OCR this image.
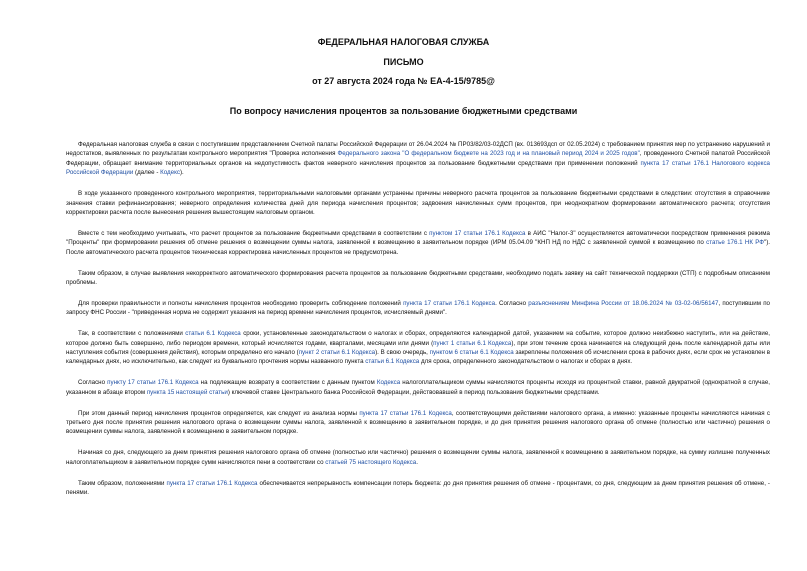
ФЕДЕРАЛЬНАЯ НАЛОГОВАЯ СЛУЖБА
ПИСЬМО
от 27 августа 2024 года № ЕА-4-15/9785@
По вопросу начисления процентов за пользование бюджетными средствами

Федеральная налоговая служба в связи с поступившим представлением Счетной палаты Российской Федерации от 26.04.2024 № ПР03/82/03-02ДСП (вх. 013693дсп от 02.05.2024) с требованием принятия мер по устранению нарушений и недостатков, выявленных по результатам контрольного мероприятия "Проверка исполнения Федерального закона "О федеральном бюджете на 2023 год и на плановый период 2024 и 2025 годов", проведенного Счетной палатой Российской Федерации, обращает внимание территориальных органов на недопустимость фактов неверного начисления процентов за пользование бюджетными средствами при применении положений пункта 17 статьи 176.1 Налогового кодекса Российской Федерации (далее - Кодекс).

В ходе указанного проведенного контрольного мероприятия, территориальными налоговыми органами устранены причины неверного расчета процентов за пользование бюджетными средствами в следствии: отсутствия в справочнике значения ставки рефинансирования; неверного определения количества дней для периода начисления процентов; задвоения начисленных сумм процентов, при неоднократном формировании автоматического расчета; отсутствия корректировки расчета после вынесения решения вышестоящим налоговым органом.

Вместе с тем необходимо учитывать, что расчет процентов за пользование бюджетными средствами в соответствии с пунктом 17 статьи 176.1 Кодекса в АИС "Налог-3" осуществляется автоматически посредством применения режима "Проценты" при формировании решения об отмене решения о возмещении суммы налога, заявленной к возмещению в заявительном порядке (ИРМ 05.04.09 "КНП НД по НДС с заявленной суммой к возмещению по статье 176.1 НК РФ"). После автоматического расчета процентов техническая корректировка начисленных процентов не предусмотрена.

Таким образом, в случае выявления некорректного автоматического формирования расчета процентов за пользование бюджетными средствами, необходимо подать заявку на сайт технической поддержки (СТП) с подробным описанием проблемы.

Для проверки правильности и полноты начисления процентов необходимо проверить соблюдение положений пункта 17 статьи 176.1 Кодекса. Согласно разъяснениям Минфина России от 18.06.2024 № 03-02-06/56147, поступившим по запросу ФНС России - "приведенная норма не содержит указания на период времени начисления процентов, исчисляемый днями".

Так, в соответствии с положениями статьи 6.1 Кодекса сроки, установленные законодательством о налогах и сборах, определяются календарной датой, указанием на событие, которое должно неизбежно наступить, или на действие, которое должно быть совершено, либо периодом времени, который исчисляется годами, кварталами, месяцами или днями (пункт 1 статьи 6.1 Кодекса), при этом течение срока начинается на следующий день после календарной даты или наступления события (совершения действия), которым определено его начало (пункт 2 статьи 6.1 Кодекса). В свою очередь, пунктом 6 статьи 6.1 Кодекса закреплены положения об исчислении срока в рабочих днях, если срок не установлен в календарных днях, но исключительно, как следует из буквального прочтения нормы названного пункта статьи 6.1 Кодекса для срока, определенного законодательством о налогах и сборах в днях.

Согласно пункту 17 статьи 176.1 Кодекса на подлежащие возврату в соответствии с данным пунктом Кодекса налогоплательщиком суммы начисляются проценты исходя из процентной ставки, равной двукратной (однократной в случае, указанном в абзаце втором пункта 15 настоящей статьи) ключевой ставке Центрального банка Российской Федерации, действовавшей в период пользования бюджетными средствами.

При этом данный период начисления процентов определяется, как следует из анализа нормы пункта 17 статьи 176.1 Кодекса, соответствующими действиями налогового органа, а именно: указанные проценты начисляются начиная с третьего дня после принятия решения налогового органа о возмещении суммы налога, заявленной к возмещению в заявительном порядке, и до дня принятия решения налогового органа об отмене (полностью или частично) решения о возмещении суммы налога, заявленной к возмещению в заявительном порядке.

Начиная со дня, следующего за днем принятия решения налогового органа об отмене (полностью или частично) решения о возмещении суммы налога, заявленной к возмещению в заявительном порядке, на сумму излишне полученных налогоплательщиком в заявительном порядке сумм начисляются пени в соответствии со статьей 75 настоящего Кодекса.

Таким образом, положениями пункта 17 статьи 176.1 Кодекса обеспечивается непрерывность компенсации потерь бюджета: до дня принятия решения об отмене - процентами, со дня, следующим за днем принятия решения об отмене, - пенями.
